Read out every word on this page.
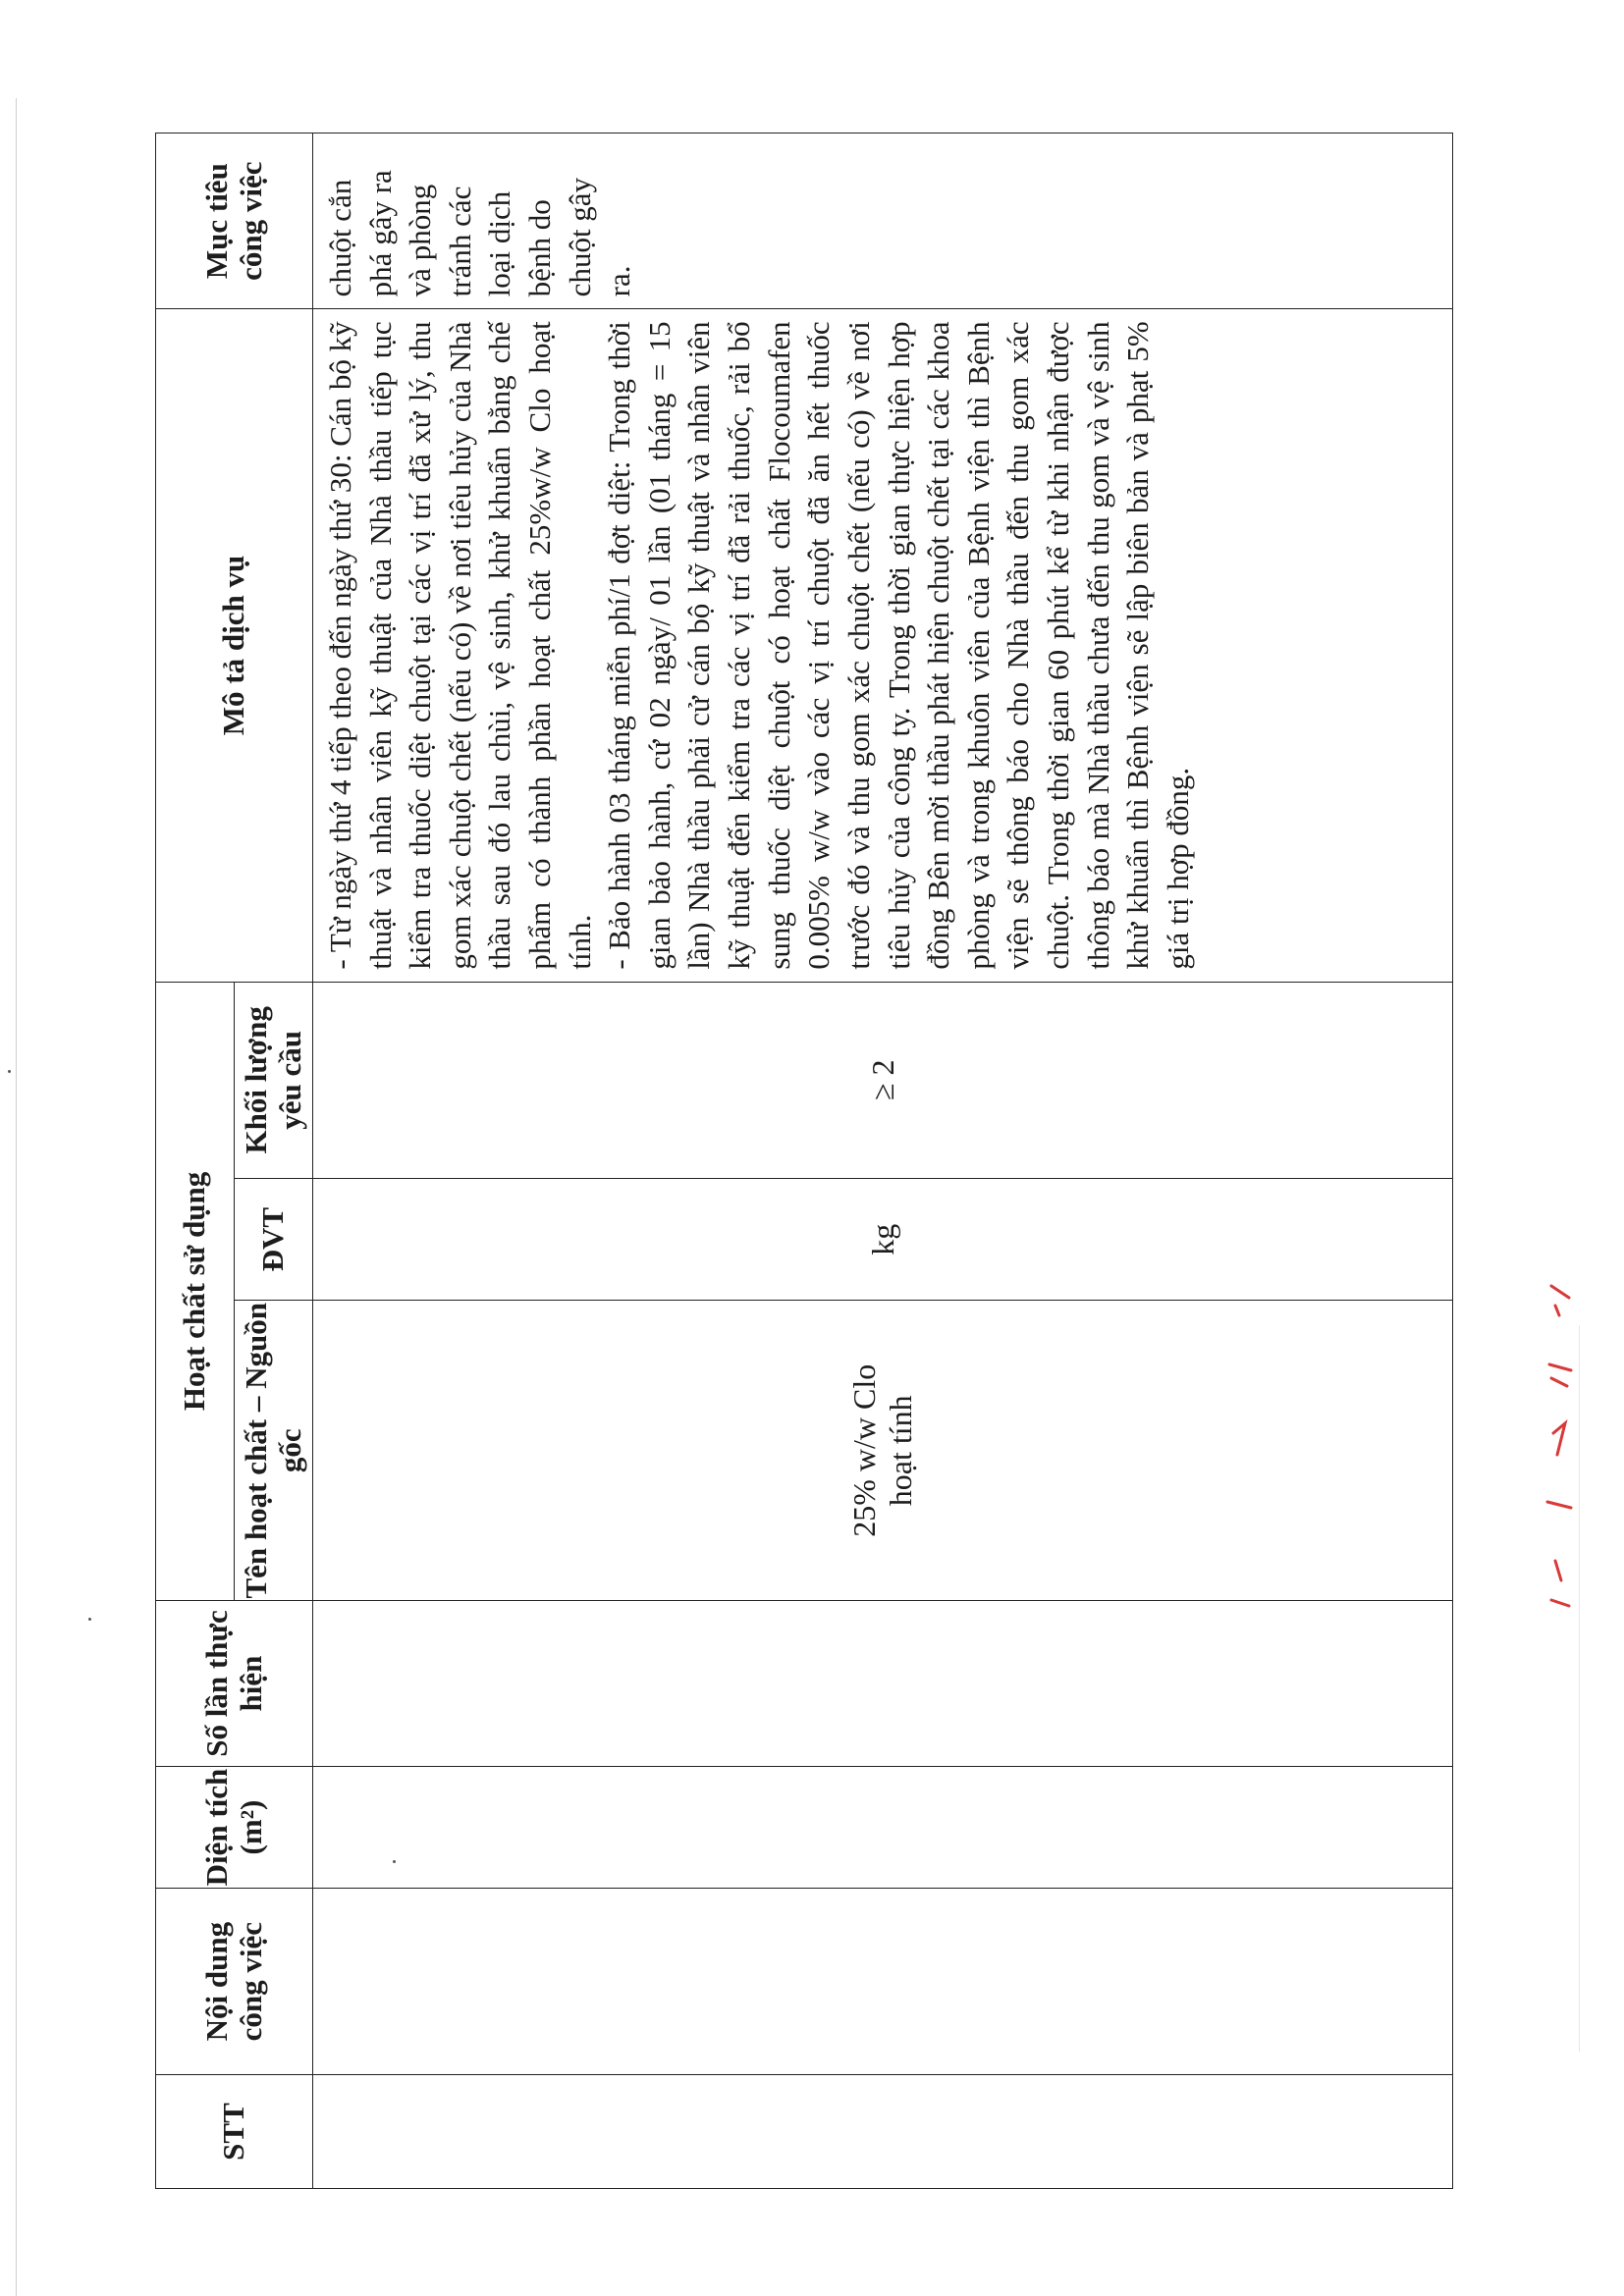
STT	Nội dung công việc	Diện tích (m²)	Số lần thực hiện	Hoạt chất sử dụng			Mô tả dịch vụ	Mục tiêu công việc
				Tên hoạt chất – Nguồn gốc	ĐVT	Khối lượng yêu cầu		
				25% w/w Clo hoạt tính	kg	≥ 2	- Từ ngày thứ 4 tiếp theo đến ngày thứ 30: Cán bộ kỹ thuật và nhân viên kỹ thuật của Nhà thầu tiếp tục kiểm tra thuốc diệt chuột tại các vị trí đã xử lý, thu gom xác chuột chết (nếu có) về nơi tiêu hủy của Nhà thầu sau đó lau chùi, vệ sinh, khử khuẩn bằng chế phẩm có thành phần hoạt chất 25%w/w Clo hoạt tính. - Bảo hành 03 tháng miễn phí/1 đợt diệt: Trong thời gian bảo hành, cứ 02 ngày/ 01 lần (01 tháng = 15 lần) Nhà thầu phải cử cán bộ kỹ thuật và nhân viên kỹ thuật đến kiểm tra các vị trí đã rải thuốc, rải bổ sung thuốc diệt chuột có hoạt chất Flocoumafen 0.005% w/w vào các vị trí chuột đã ăn hết thuốc trước đó và thu gom xác chuột chết (nếu có) về nơi tiêu hủy của công ty. Trong thời gian thực hiện hợp đồng Bên mời thầu phát hiện chuột chết tại các khoa phòng và trong khuôn viên của Bệnh viện thì Bệnh viện sẽ thông báo cho Nhà thầu đến thu gom xác chuột. Trong thời gian 60 phút kể từ khi nhận được thông báo mà Nhà thầu chưa đến thu gom và vệ sinh khử khuẩn thì Bệnh viện sẽ lập biên bản và phạt 5% giá trị hợp đồng.	chuột cắn phá gây ra và phòng tránh các loại dịch bệnh do chuột gây ra.
